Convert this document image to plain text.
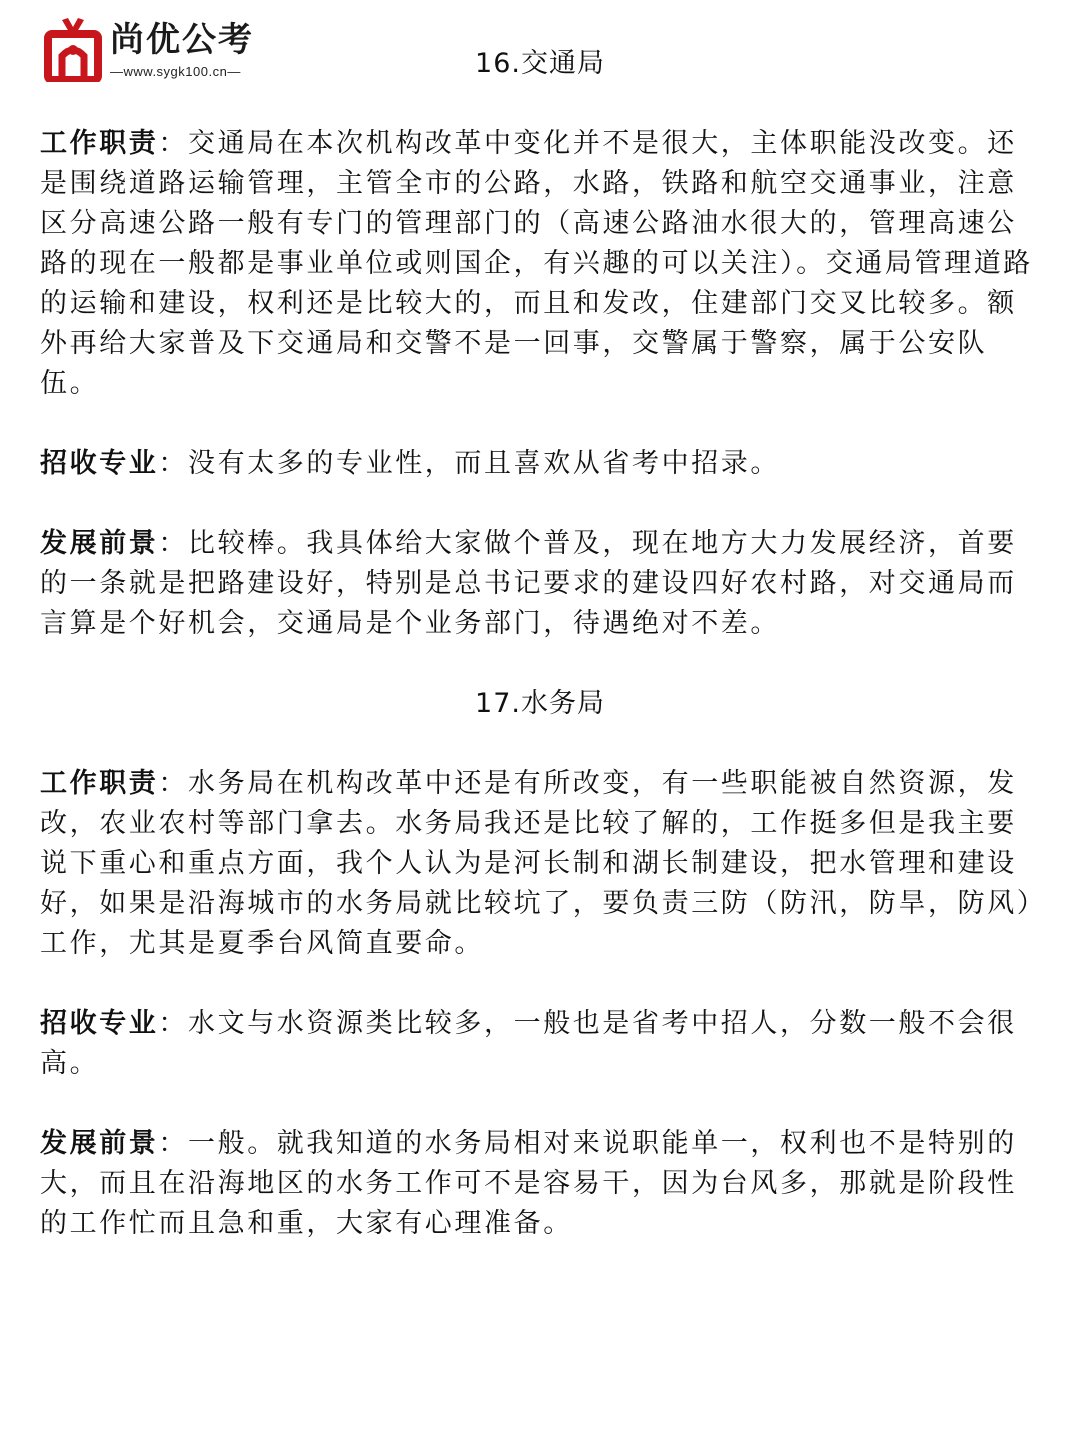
尚优公考
—www.sygk100.cn—	16.交通局

工作职责：交通局在本次机构改革中变化并不是很大，主体职能没改变。还是围绕道路运输管理，主管全市的公路，水路，铁路和航空交通事业，注意区分高速公路一般有专门的管理部门的（高速公路油水很大的，管理高速公路的现在一般都是事业单位或则国企，有兴趣的可以关注）。交通局管理道路的运输和建设，权利还是比较大的，而且和发改，住建部门交叉比较多。额外再给大家普及下交通局和交警不是一回事，交警属于警察，属于公安队伍。

招收专业：没有太多的专业性，而且喜欢从省考中招录。

发展前景：比较棒。我具体给大家做个普及，现在地方大力发展经济，首要的一条就是把路建设好，特别是总书记要求的建设四好农村路，对交通局而言算是个好机会，交通局是个业务部门，待遇绝对不差。

17.水务局

工作职责：水务局在机构改革中还是有所改变，有一些职能被自然资源，发改，农业农村等部门拿去。水务局我还是比较了解的，工作挺多但是我主要说下重心和重点方面，我个人认为是河长制和湖长制建设，把水管理和建设好，如果是沿海城市的水务局就比较坑了，要负责三防（防汛，防旱，防风）工作，尤其是夏季台风简直要命。

招收专业：水文与水资源类比较多，一般也是省考中招人，分数一般不会很高。

发展前景：一般。就我知道的水务局相对来说职能单一，权利也不是特别的大，而且在沿海地区的水务工作可不是容易干，因为台风多，那就是阶段性的工作忙而且急和重，大家有心理准备。
